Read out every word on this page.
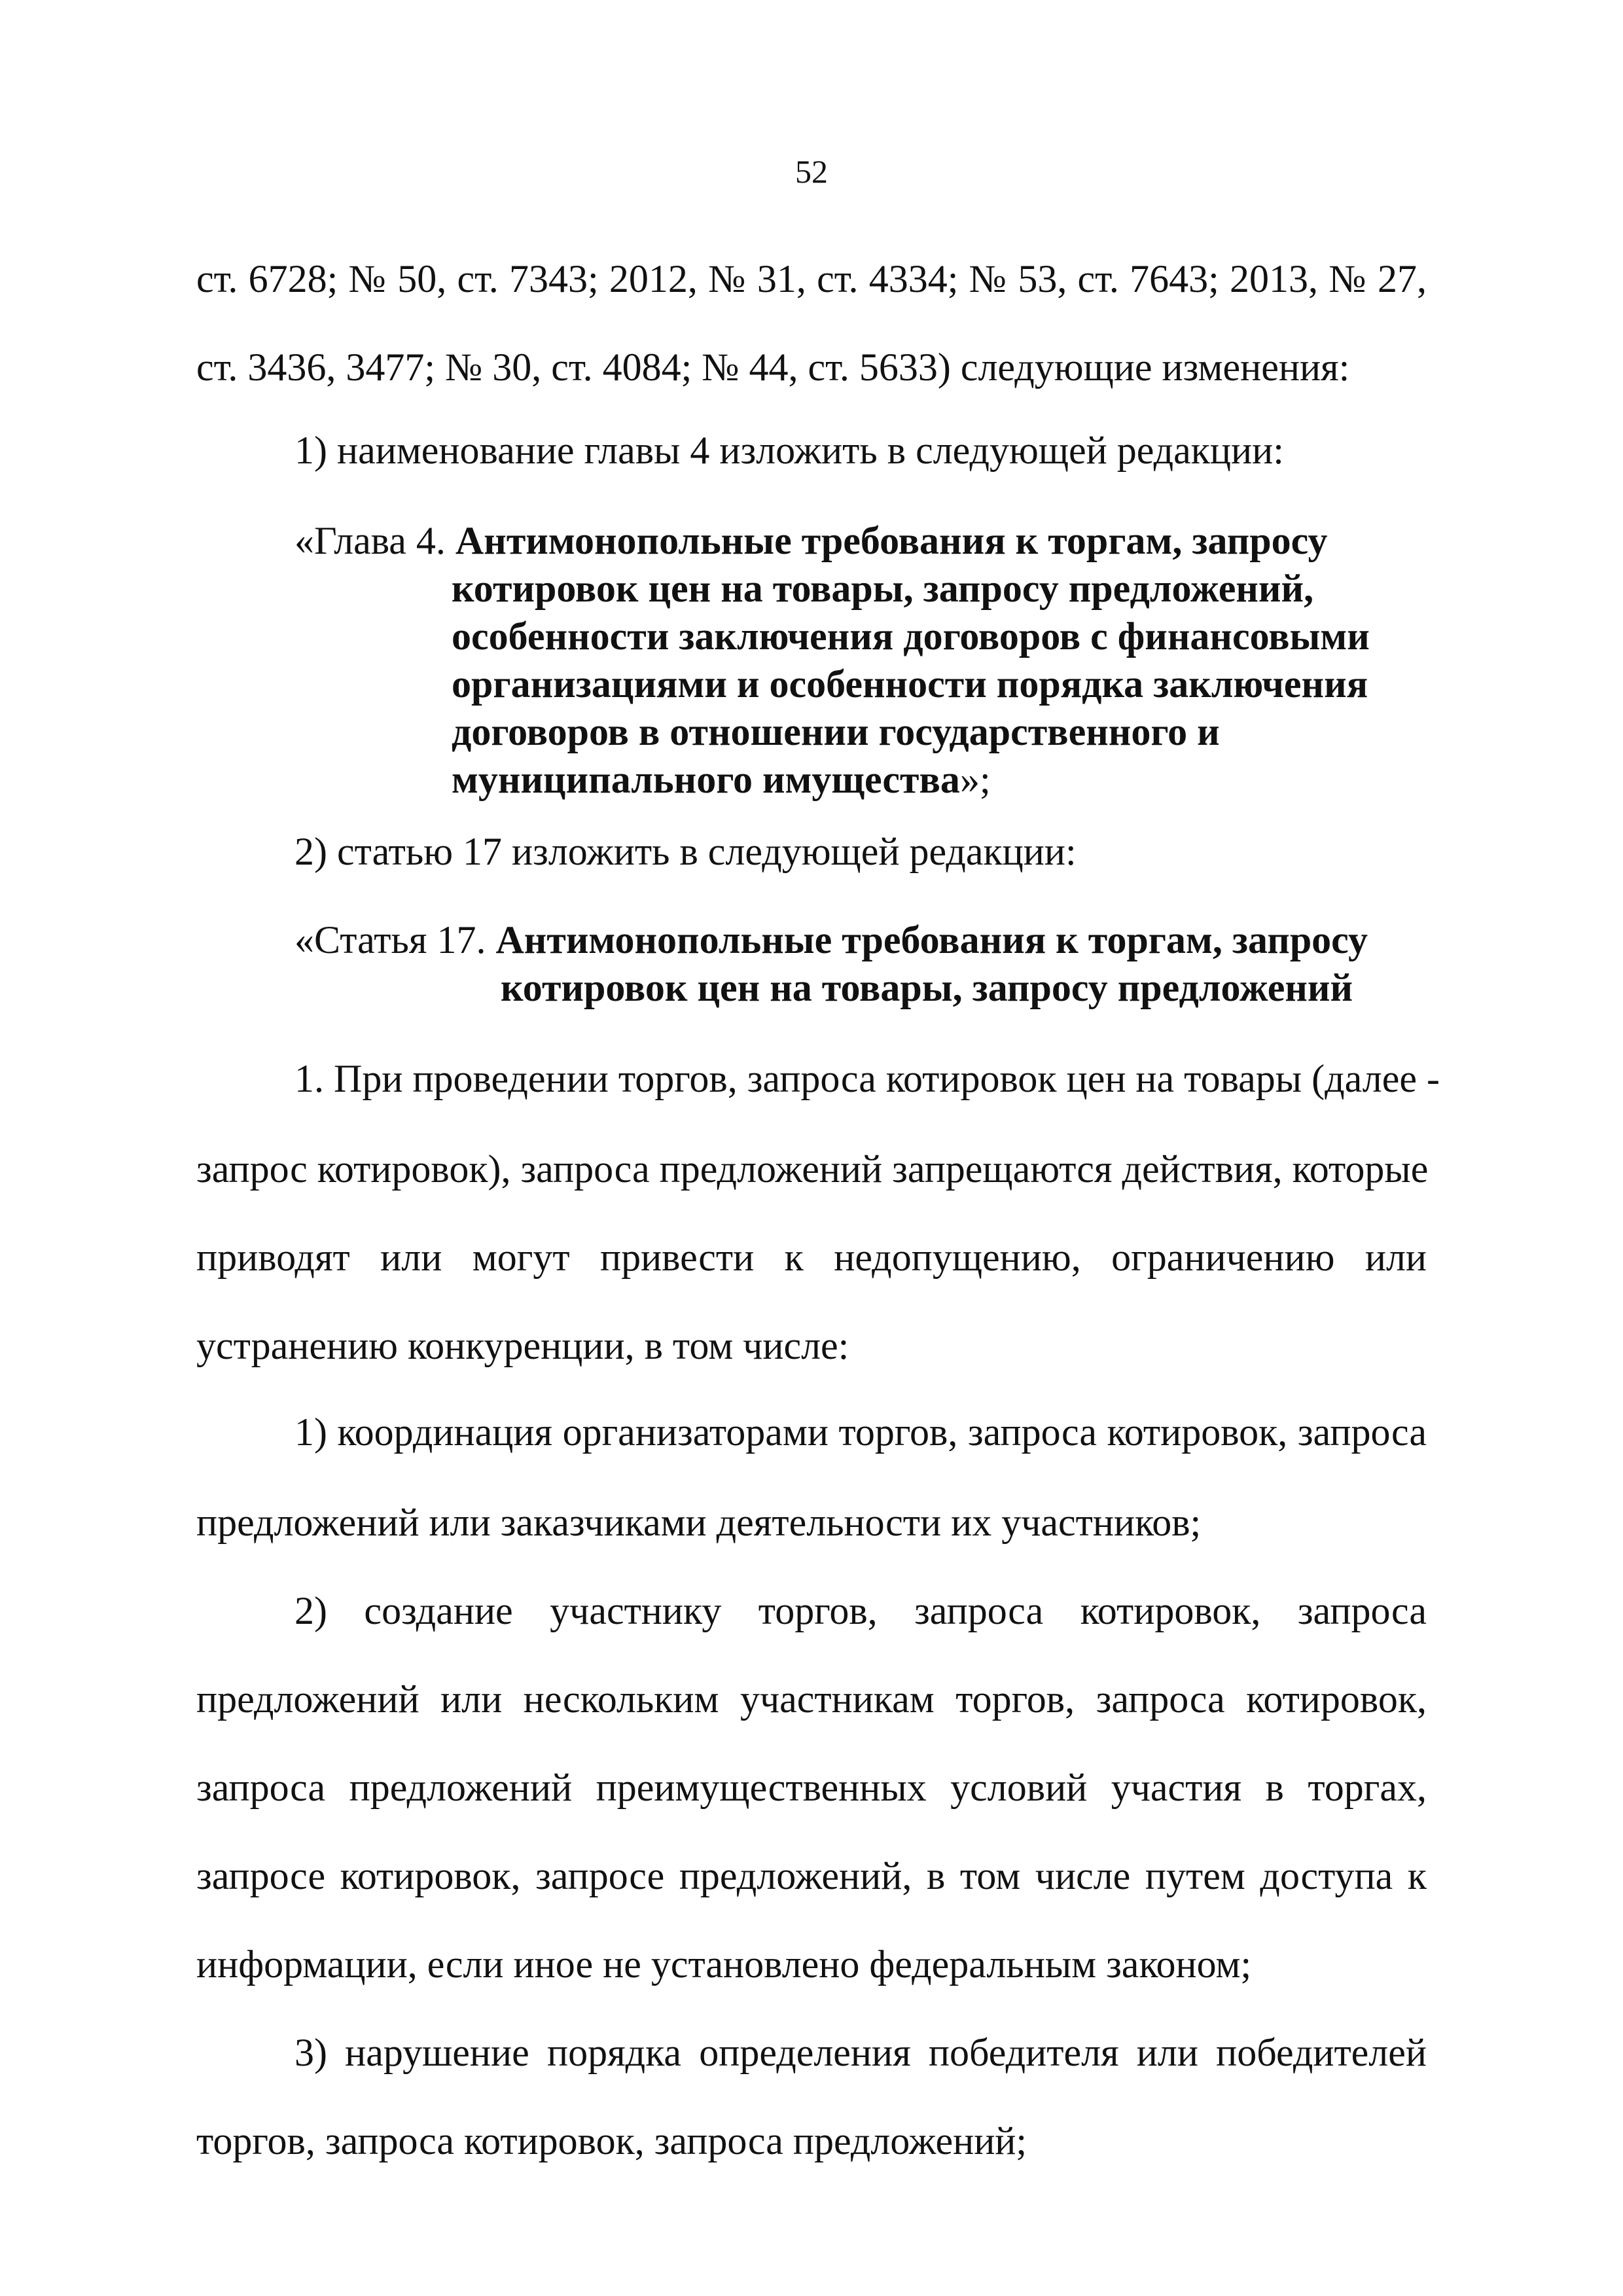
52
ст. 6728; № 50, ст. 7343; 2012, № 31, ст. 4334; № 53, ст. 7643; 2013, № 27,
ст. 3436, 3477; № 30, ст. 4084; № 44, ст. 5633) следующие изменения:
1) наименование главы 4 изложить в следующей редакции:
«Глава 4. Антимонопольные требования к торгам, запросу
котировок цен на товары, запросу предложений,
особенности заключения договоров с финансовыми
организациями и особенности порядка заключения
договоров в отношении государственного и
муниципального имущества»;
2) статью 17 изложить в следующей редакции:
«Статья 17. Антимонопольные требования к торгам, запросу
котировок цен на товары, запросу предложений
1. При проведении торгов, запроса котировок цен на товары (далее -
запрос котировок), запроса предложений запрещаются действия, которые
приводят или могут привести к недопущению, ограничению или
устранению конкуренции, в том числе:
1) координация организаторами торгов, запроса котировок, запроса
предложений или заказчиками деятельности их участников;
2) создание участнику торгов, запроса котировок, запроса
предложений или нескольким участникам торгов, запроса котировок,
запроса предложений преимущественных условий участия в торгах,
запросе котировок, запросе предложений, в том числе путем доступа к
информации, если иное не установлено федеральным законом;
3) нарушение порядка определения победителя или победителей
торгов, запроса котировок, запроса предложений;
